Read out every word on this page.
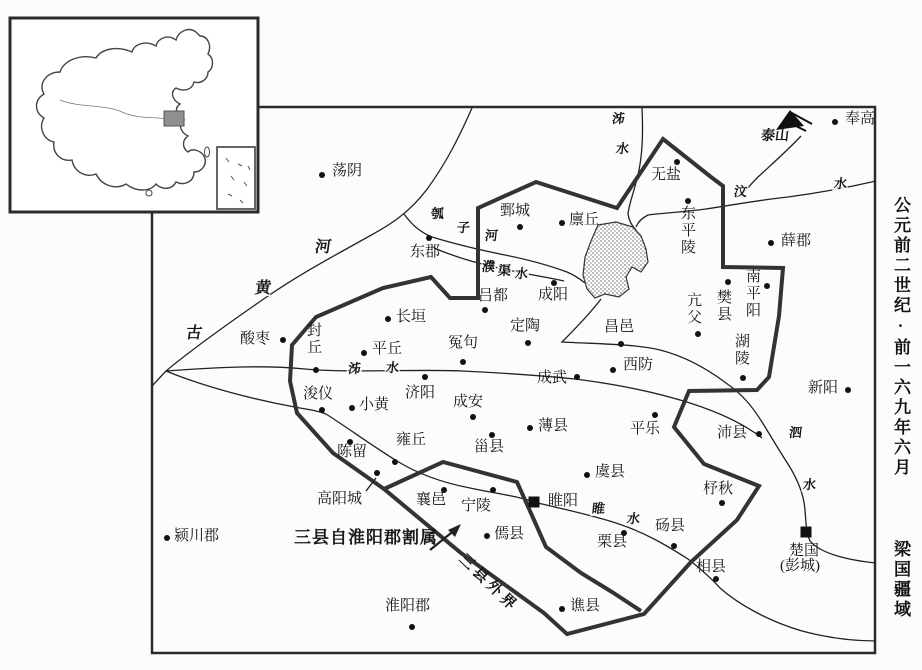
公元前二世纪·前一六九年六月  梁国疆域
荡阴
奉高
无盐
薛郡
廪丘
鄄城
东郡
昌邑
成阳
吕都
定陶
冤句
长垣
平丘
酸枣
浚仪
小黄
济阳
成武
西防
成安
薄县
甾县
平乐	沛县
新阳
虞县
雍丘
陈留
高阳城	襄邑 宁陵
傿县	栗县
砀县
杼秋
相县
谯县
颍川郡
淮阳郡
东平陵
南平阳
樊县
亢父
湖陵
封丘
睢阳
楚国
(彭城)
泰山
古
黄
河
泲
水
汶
水
瓠
子
河
濮 渠 水
泲 水
睢
水
泗
水
三县自淮阳郡割属
三县外界
